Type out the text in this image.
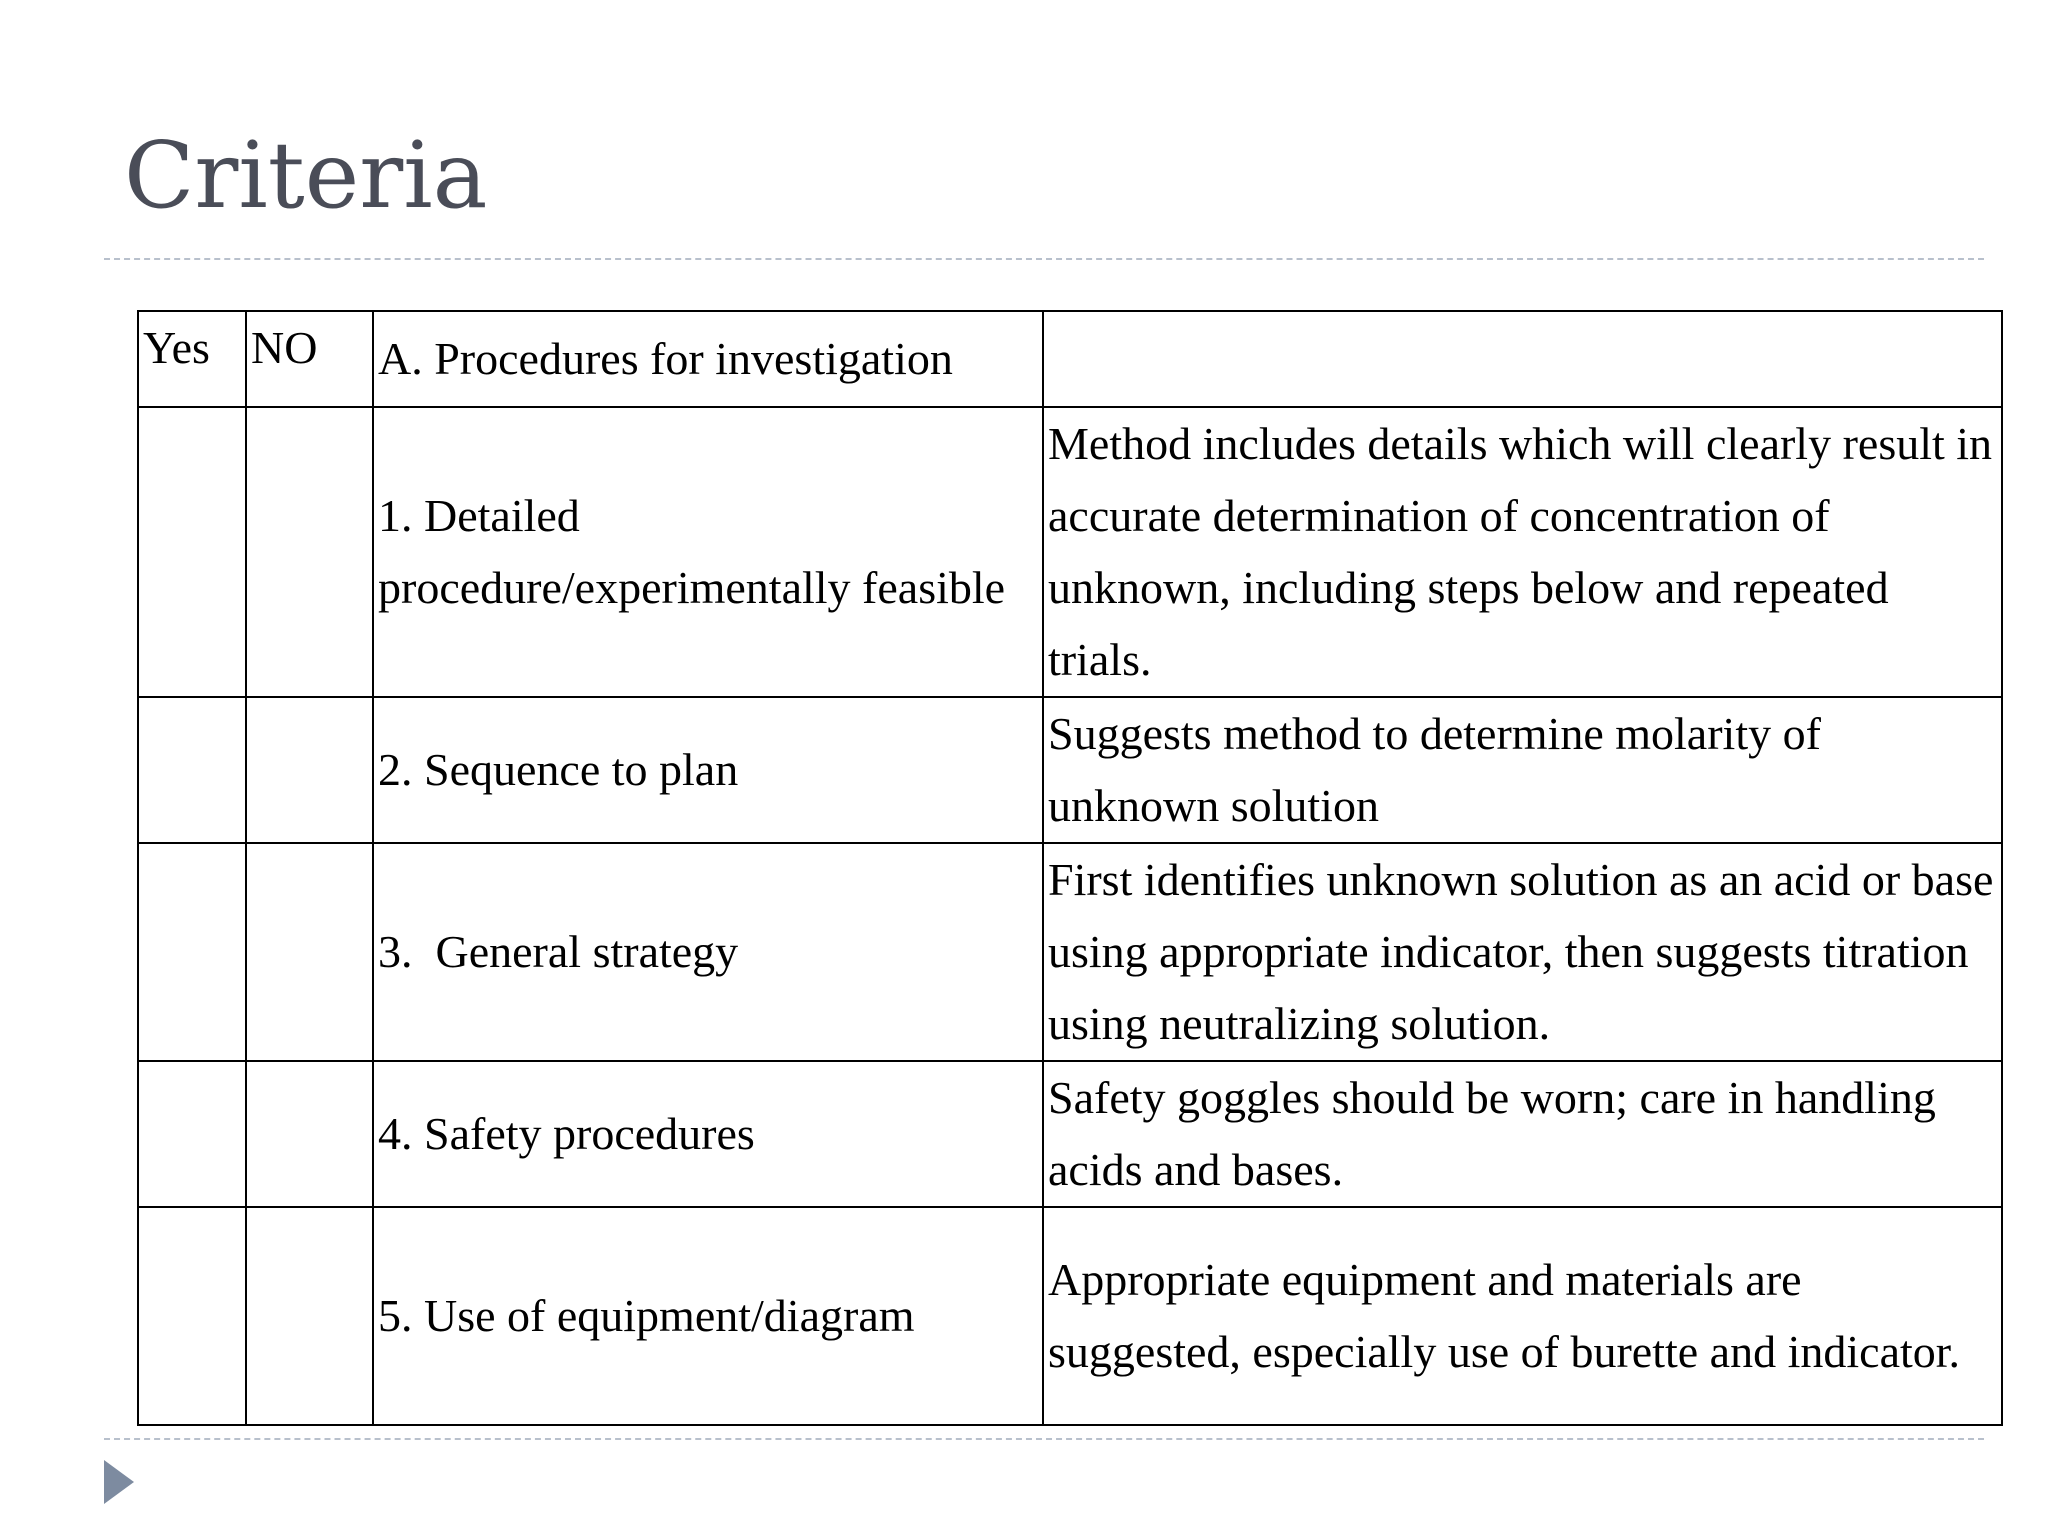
Criteria
Yes	NO	A. Procedures for investigation	
		1. Detailed procedure/experimentally feasible	Method includes details which will clearly result in accurate determination of concentration of unknown, including steps below and repeated trials.
		2. Sequence to plan	Suggests method to determine molarity of unknown solution
		3.  General strategy	First identifies unknown solution as an acid or base using appropriate indicator, then suggests titration using neutralizing solution.
		4. Safety procedures	Safety goggles should be worn; care in handling acids and bases.
		5. Use of equipment/diagram	Appropriate equipment and materials are suggested, especially use of burette and indicator.
